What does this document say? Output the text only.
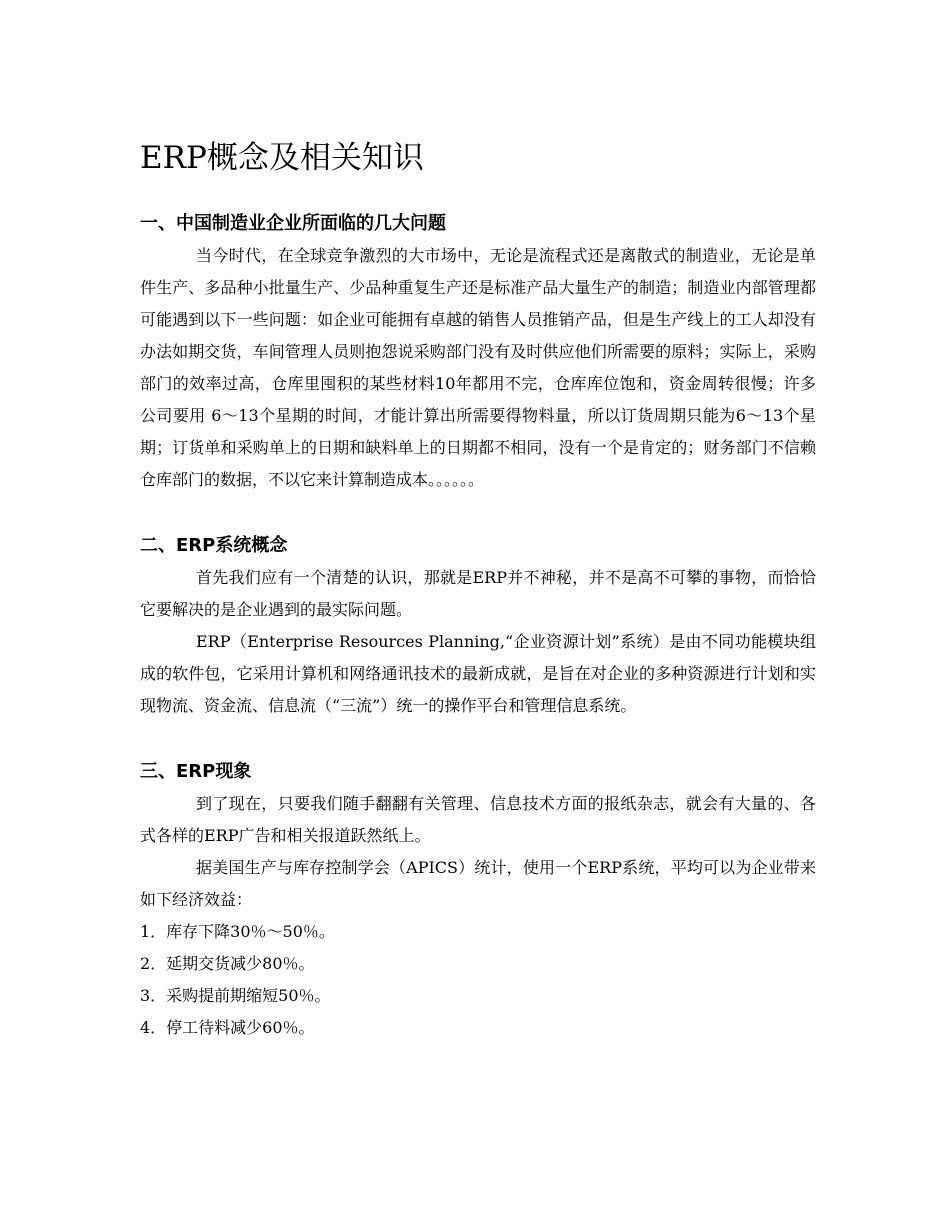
ERP概念及相关知识
一、中国制造业企业所面临的几大问题

当今时代，在全球竞争激烈的大市场中，无论是流程式还是离散式的制造业，无论是单件生产、多品种小批量生产、少品种重复生产还是标准产品大量生产的制造；制造业内部管理都可能遇到以下一些问题：如企业可能拥有卓越的销售人员推销产品，但是生产线上的工人却没有办法如期交货，车间管理人员则抱怨说采购部门没有及时供应他们所需要的原料；实际上，采购部门的效率过高，仓库里囤积的某些材料10年都用不完，仓库库位饱和，资金周转很慢；许多公司要用 6～13个星期的时间，才能计算出所需要得物料量，所以订货周期只能为6～13个星期；订货单和采购单上的日期和缺料单上的日期都不相同，没有一个是肯定的；财务部门不信赖仓库部门的数据，不以它来计算制造成本。。。。。。

二、ERP系统概念

首先我们应有一个清楚的认识，那就是ERP并不神秘，并不是高不可攀的事物，而恰恰它要解决的是企业遇到的最实际问题。

ERP（Enterprise Resources Planning,“企业资源计划”系统）是由不同功能模块组成的软件包，它采用计算机和网络通讯技术的最新成就，是旨在对企业的多种资源进行计划和实现物流、资金流、信息流（“三流”）统一的操作平台和管理信息系统。

三、ERP现象

到了现在，只要我们随手翻翻有关管理、信息技术方面的报纸杂志，就会有大量的、各式各样的ERP广告和相关报道跃然纸上。

据美国生产与库存控制学会（APICS）统计，使用一个ERP系统，平均可以为企业带来如下经济效益：

1．库存下降30％～50％。
2．延期交货减少80％。
3．采购提前期缩短50％。
4．停工待料减少60％。
